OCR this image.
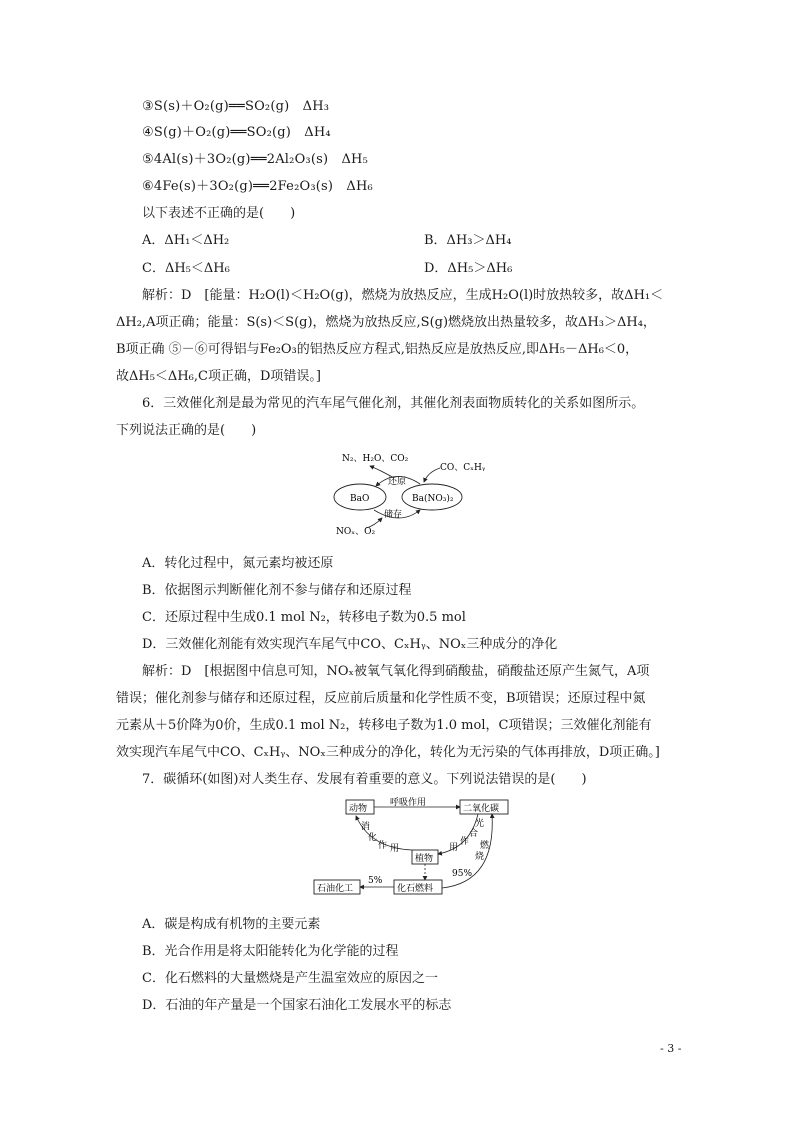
③S(s)＋O₂(g)══SO₂(g)　ΔH₃
④S(g)＋O₂(g)══SO₂(g)　ΔH₄
⑤4Al(s)＋3O₂(g)══2Al₂O₃(s)　ΔH₅
⑥4Fe(s)＋3O₂(g)══2Fe₂O₃(s)　ΔH₆
以下表述不正确的是(　　)
A．ΔH₁＜ΔH₂	B．ΔH₃＞ΔH₄
C．ΔH₅＜ΔH₆	D．ΔH₅＞ΔH₆
解析：D　[能量：H₂O(l)＜H₂O(g)，燃烧为放热反应，生成H₂O(l)时放热较多，故ΔH₁＜
ΔH₂,A项正确；能量：S(s)＜S(g)，燃烧为放热反应,S(g)燃烧放出热量较多，故ΔH₃＞ΔH₄，
B项正确 ⑤－⑥可得铝与Fe₂O₃的铝热反应方程式,铝热反应是放热反应,即ΔH₅－ΔH₆＜0，
故ΔH₅＜ΔH₆,C项正确，D项错误。]
6．三效催化剂是最为常见的汽车尾气催化剂，其催化剂表面物质转化的关系如图所示。
下列说法正确的是(　　)
N₂、H₂O、CO₂
CO、CₓHᵧ
还原
BaO	Ba(NO₃)₂
储存
NOₓ、O₂
A．转化过程中，氮元素均被还原
B．依据图示判断催化剂不参与储存和还原过程
C．还原过程中生成0.1 mol N₂，转移电子数为0.5 mol
D．三效催化剂能有效实现汽车尾气中CO、CₓHᵧ、NOₓ三种成分的净化
解析：D　[根据图中信息可知，NOₓ被氧气氧化得到硝酸盐，硝酸盐还原产生氮气，A项
错误；催化剂参与储存和还原过程，反应前后质量和化学性质不变，B项错误；还原过程中氮
元素从＋5价降为0价，生成0.1 mol N₂，转移电子数为1.0 mol，C项错误；三效催化剂能有
效实现汽车尾气中CO、CₓHᵧ、NOₓ三种成分的净化，转化为无污染的气体再排放，D项正确。]
7．碳循环(如图)对人类生存、发展有着重要的意义。下列说法错误的是(　　)
动物
呼吸作用
二氧化碳
消
化
作 用
植物
光
合
作
用
化石燃料
燃
烧
95%
5%
石油化工
A．碳是构成有机物的主要元素
B．光合作用是将太阳能转化为化学能的过程
C．化石燃料的大量燃烧是产生温室效应的原因之一
D．石油的年产量是一个国家石油化工发展水平的标志
- 3 -
